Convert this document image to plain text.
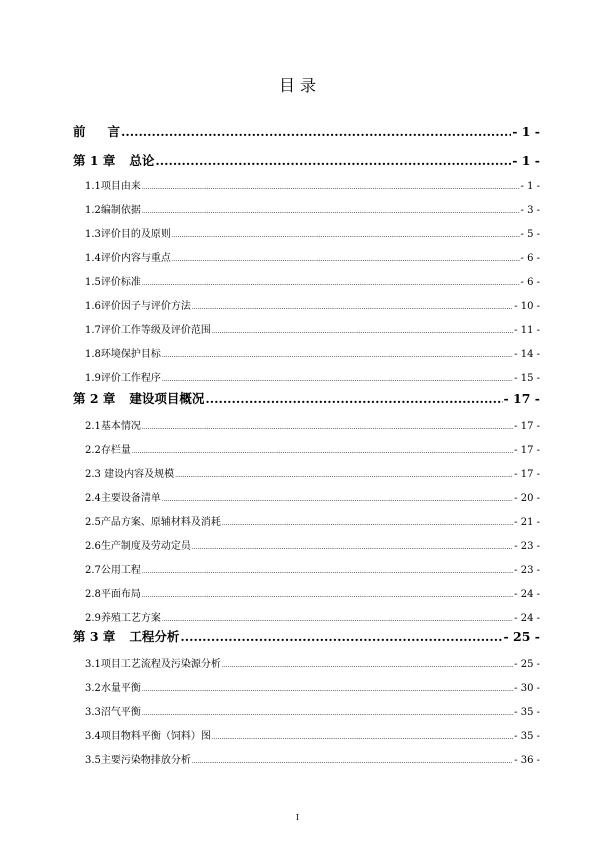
目 录
前 言 .....	- 1 -
第 1 章 总论 .....	- 1 -
1.1项目由来 .....	- 1 -
1.2编制依据 .....	- 3 -
1.3评价目的及原则 .....	- 5 -
1.4评价内容与重点 .....	- 6 -
1.5评价标准 .....	- 6 -
1.6评价因子与评价方法 .....	- 10 -
1.7评价工作等级及评价范围 .....	- 11 -
1.8环境保护目标 .....	- 14 -
1.9评价工作程序 .....	- 15 -
第 2 章 建设项目概况 .....	- 17 -
2.1基本情况 .....	- 17 -
2.2存栏量 .....	- 17 -
2.3 建设内容及规模 .....	- 17 -
2.4主要设备清单 .....	- 20 -
2.5产品方案、原辅材料及消耗 .....	- 21 -
2.6生产制度及劳动定员 .....	- 23 -
2.7公用工程 .....	- 23 -
2.8平面布局 .....	- 24 -
2.9养殖工艺方案 .....	- 24 -
第 3 章 工程分析 .....	- 25 -
3.1项目工艺流程及污染源分析 .....	- 25 -
3.2水量平衡 .....	- 30 -
3.3沼气平衡 .....	- 35 -
3.4项目物料平衡（饲料）图 .....	- 35 -
3.5主要污染物排放分析 .....	- 36 -
I
